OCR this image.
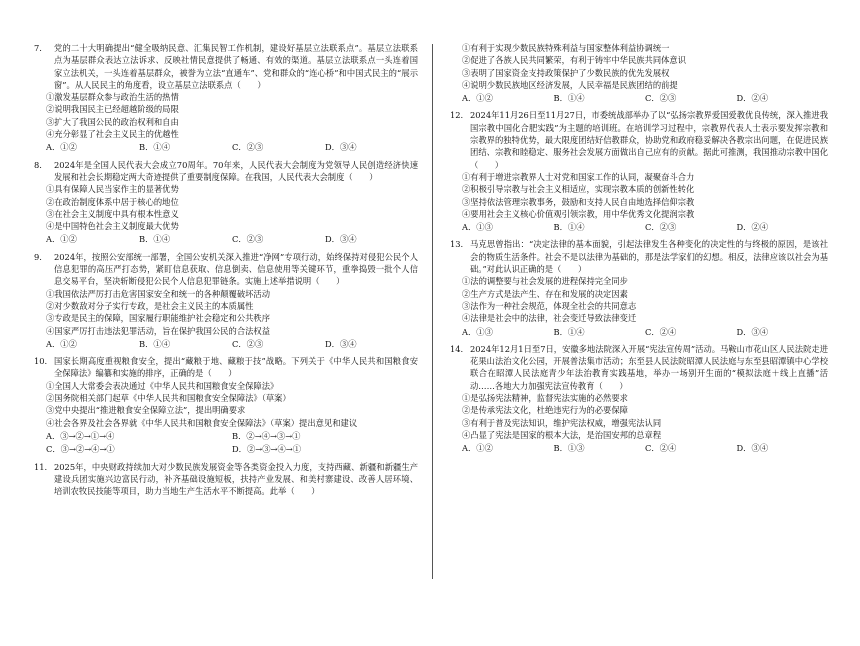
7.	党的二十大明确提出“健全吸纳民意、汇集民智工作机制，建设好基层立法联系点”。基层立法联系点为基层群众表达立法诉求、反映社情民意提供了畅通、有效的渠道。基层立法联系点一头连着国家立法机关，一头连着基层群众，被誉为立法“直通车”、党和群众的“连心桥”和中国式民主的“展示窗”。从人民民主的角度看，设立基层立法联系点（　　）
①激发基层群众参与政治生活的热情
②说明我国民主已经超越阶级的局限
③扩大了我国公民的政治权利和自由
④充分彰显了社会主义民主的优越性
A．①②	B．①④	C．②③	D．③④
8.	2024年是全国人民代表大会成立70周年。70年来，人民代表大会制度为党领导人民创造经济快速发展和社会长期稳定两大奇迹提供了重要制度保障。在我国，人民代表大会制度（　　）
①具有保障人民当家作主的显著优势
②在政治制度体系中居于核心的地位
③在社会主义制度中具有根本性意义
④是中国特色社会主义制度最大优势
A．①②	B．①④	C．②③	D．③④
9.	2024年，按照公安部统一部署，全国公安机关深入推进“净网”专项行动，始终保持对侵犯公民个人信息犯罪的高压严打态势，紧盯信息获取、信息倒卖、信息使用等关键环节，重拳捣毁一批个人信息交易平台，坚决斩断侵犯公民个人信息犯罪链条。实施上述举措说明（　　）
①我国依法严厉打击危害国家安全和统一的各种颠覆破坏活动
②对少数敌对分子实行专政，是社会主义民主的本质属性
③专政是民主的保障，国家履行职能维护社会稳定和公共秩序
④国家严厉打击违法犯罪活动，旨在保护我国公民的合法权益
A．①②	B．①④	C．②③	D．③④
10. 国家长期高度重视粮食安全，提出“藏粮于地、藏粮于技”战略。下列关于《中华人民共和国粮食安全保障法》编纂和实施的排序，正确的是（　　）
①全国人大常委会表决通过《中华人民共和国粮食安全保障法》
②国务院相关部门起草《中华人民共和国粮食安全保障法》（草案）
③党中央提出“推进粮食安全保障立法”，提出明确要求
④社会各界及社会各界就《中华人民共和国粮食安全保障法》（草案）提出意见和建议
A．③→②→①→④	B．②→④→③→①
C．③→②→④→①	D．②→③→④→①
11. 2025年，中央财政持续加大对少数民族发展资金等各类资金投入力度，支持西藏、新疆和新疆生产建设兵团实施兴边富民行动，补齐基础设施短板，扶持产业发展、和美村寨建设、改善人居环境、培训农牧民技能等项目，助力当地生产生活水平不断提高。此举（　　）
①有利于实现少数民族特殊利益与国家整体利益协调统一
②促进了各族人民共同繁荣，有利于铸牢中华民族共同体意识
③表明了国家资金支持政策保护了少数民族的优先发展权
④说明少数民族地区经济发展，人民幸福是民族团结的前提
A．①②	B．①④	C．②③	D．②④
12. 2024年11月26日至11月27日，市委统战部举办了以“弘扬宗教界爱国爱教优良传统，深入推进我国宗教中国化合肥实践”为主题的培训班。在培训学习过程中，宗教界代表人士表示要发挥宗教和宗教界的独特优势，最大限度团结好信教群众，协助党和政府稳妥解决各教宗出问题，在促进民族团结、宗教和睦稳定、服务社会发展方面做出自己应有的贡献。据此可推测，我国推动宗教中国化（　　）
①有利于增进宗教界人士对党和国家工作的认同，凝聚奋斗合力
②积极引导宗教与社会主义相适应，实现宗教本质的创新性转化
③坚持依法管理宗教事务，鼓励和支持人民自由地选择信仰宗教
④要用社会主义核心价值观引领宗教，用中华优秀文化提润宗教
A．①③	B．①④	C．②③	D．②④
13. 马克思曾指出：“决定法律的基本面貌，引起法律发生各种变化的决定性的与终极的原因，是该社会的物质生活条件。社会不是以法律为基础的，那是法学家们的幻想。相反，法律应该以社会为基础。”对此认识正确的是（　　）
①法的调整要与社会发展的进程保持完全同步
②生产方式是法产生、存在和发展的决定因素
③法作为一种社会规范，体现全社会的共同意志
④法律是社会中的法律，社会变迁导致法律变迁
A．①③	B．①④	C．②④	D．③④
14. 2024年12月1日至7日，安徽多地法院深入开展“宪法宣传周”活动。马鞍山市花山区人民法院走进花果山法治文化公园，开展普法集市活动；东至县人民法院昭潭人民法庭与东至县昭潭镇中心学校联合在昭潭人民法庭青少年法治教育实践基地，举办一场别开生面的“模拟法庭＋线上直播”活动……各地大力加强宪法宣传教育（　　）
①是弘扬宪法精神，监督宪法实施的必然要求
②是传承宪法文化，杜绝违宪行为的必要保障
③有利于普及宪法知识，维护宪法权威，增强宪法认同
④凸显了宪法是国家的根本大法，是治国安邦的总章程
A．①②	B．①③	C．②④	D．③④
